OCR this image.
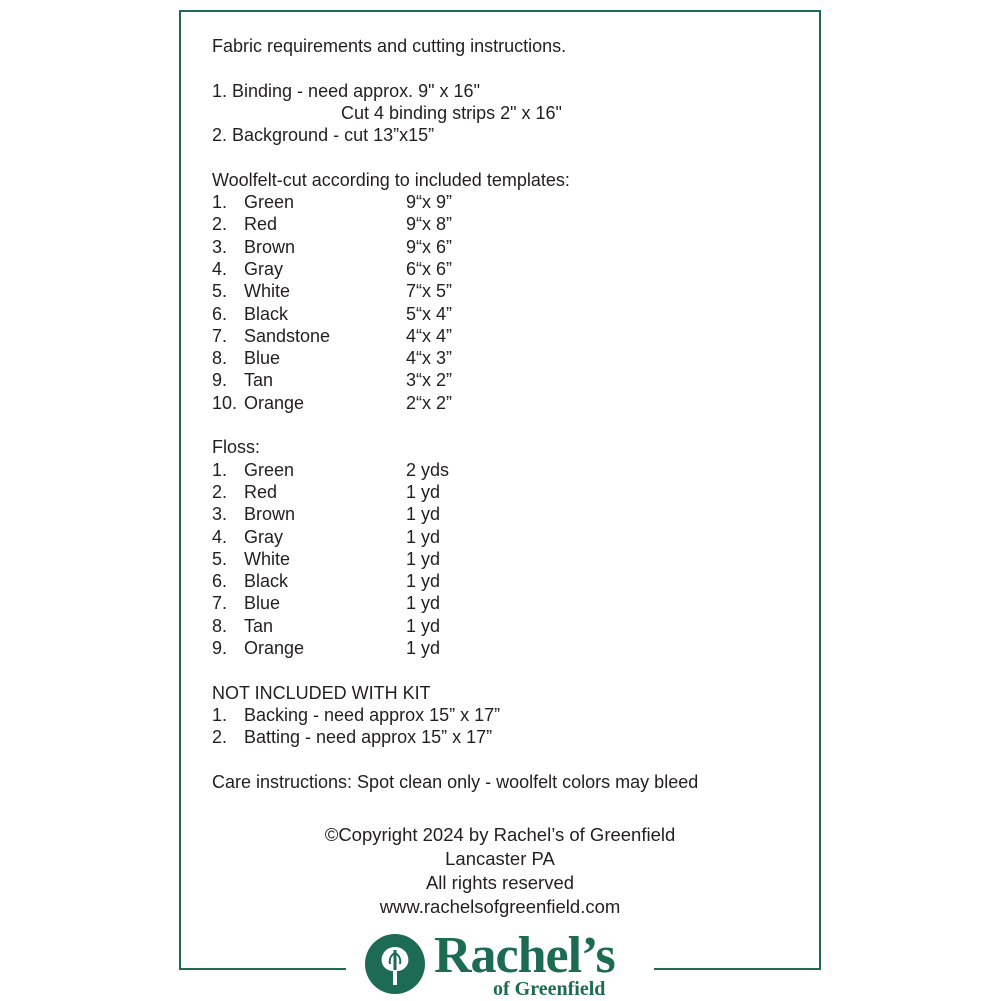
Fabric requirements and cutting instructions.
1. Binding - need approx. 9" x 16"
Cut 4 binding strips 2" x 16"
2. Background - cut 13”x15”
Woolfelt-cut according to included templates:
1. Green	9“x 9”
2. Red	9“x 8”
3. Brown	9“x 6”
4. Gray	6“x 6”
5. White	7“x 5”
6. Black	5“x 4”
7. Sandstone	4“x 4”
8. Blue	4“x 3”
9. Tan	3“x 2”
10. Orange	2“x 2”
Floss:
1. Green	2 yds
2. Red	1 yd
3. Brown	1 yd
4. Gray	1 yd
5. White	1 yd
6. Black	1 yd
7. Blue	1 yd
8. Tan	1 yd
9. Orange	1 yd
NOT INCLUDED WITH KIT
1. Backing - need approx 15” x 17”
2. Batting - need approx 15” x 17”
Care instructions: Spot clean only - woolfelt colors may bleed
©Copyright 2024 by Rachel’s of Greenfield
Lancaster PA
All rights reserved
www.rachelsofgreenfield.com
Rachel’s
of Greenfield
